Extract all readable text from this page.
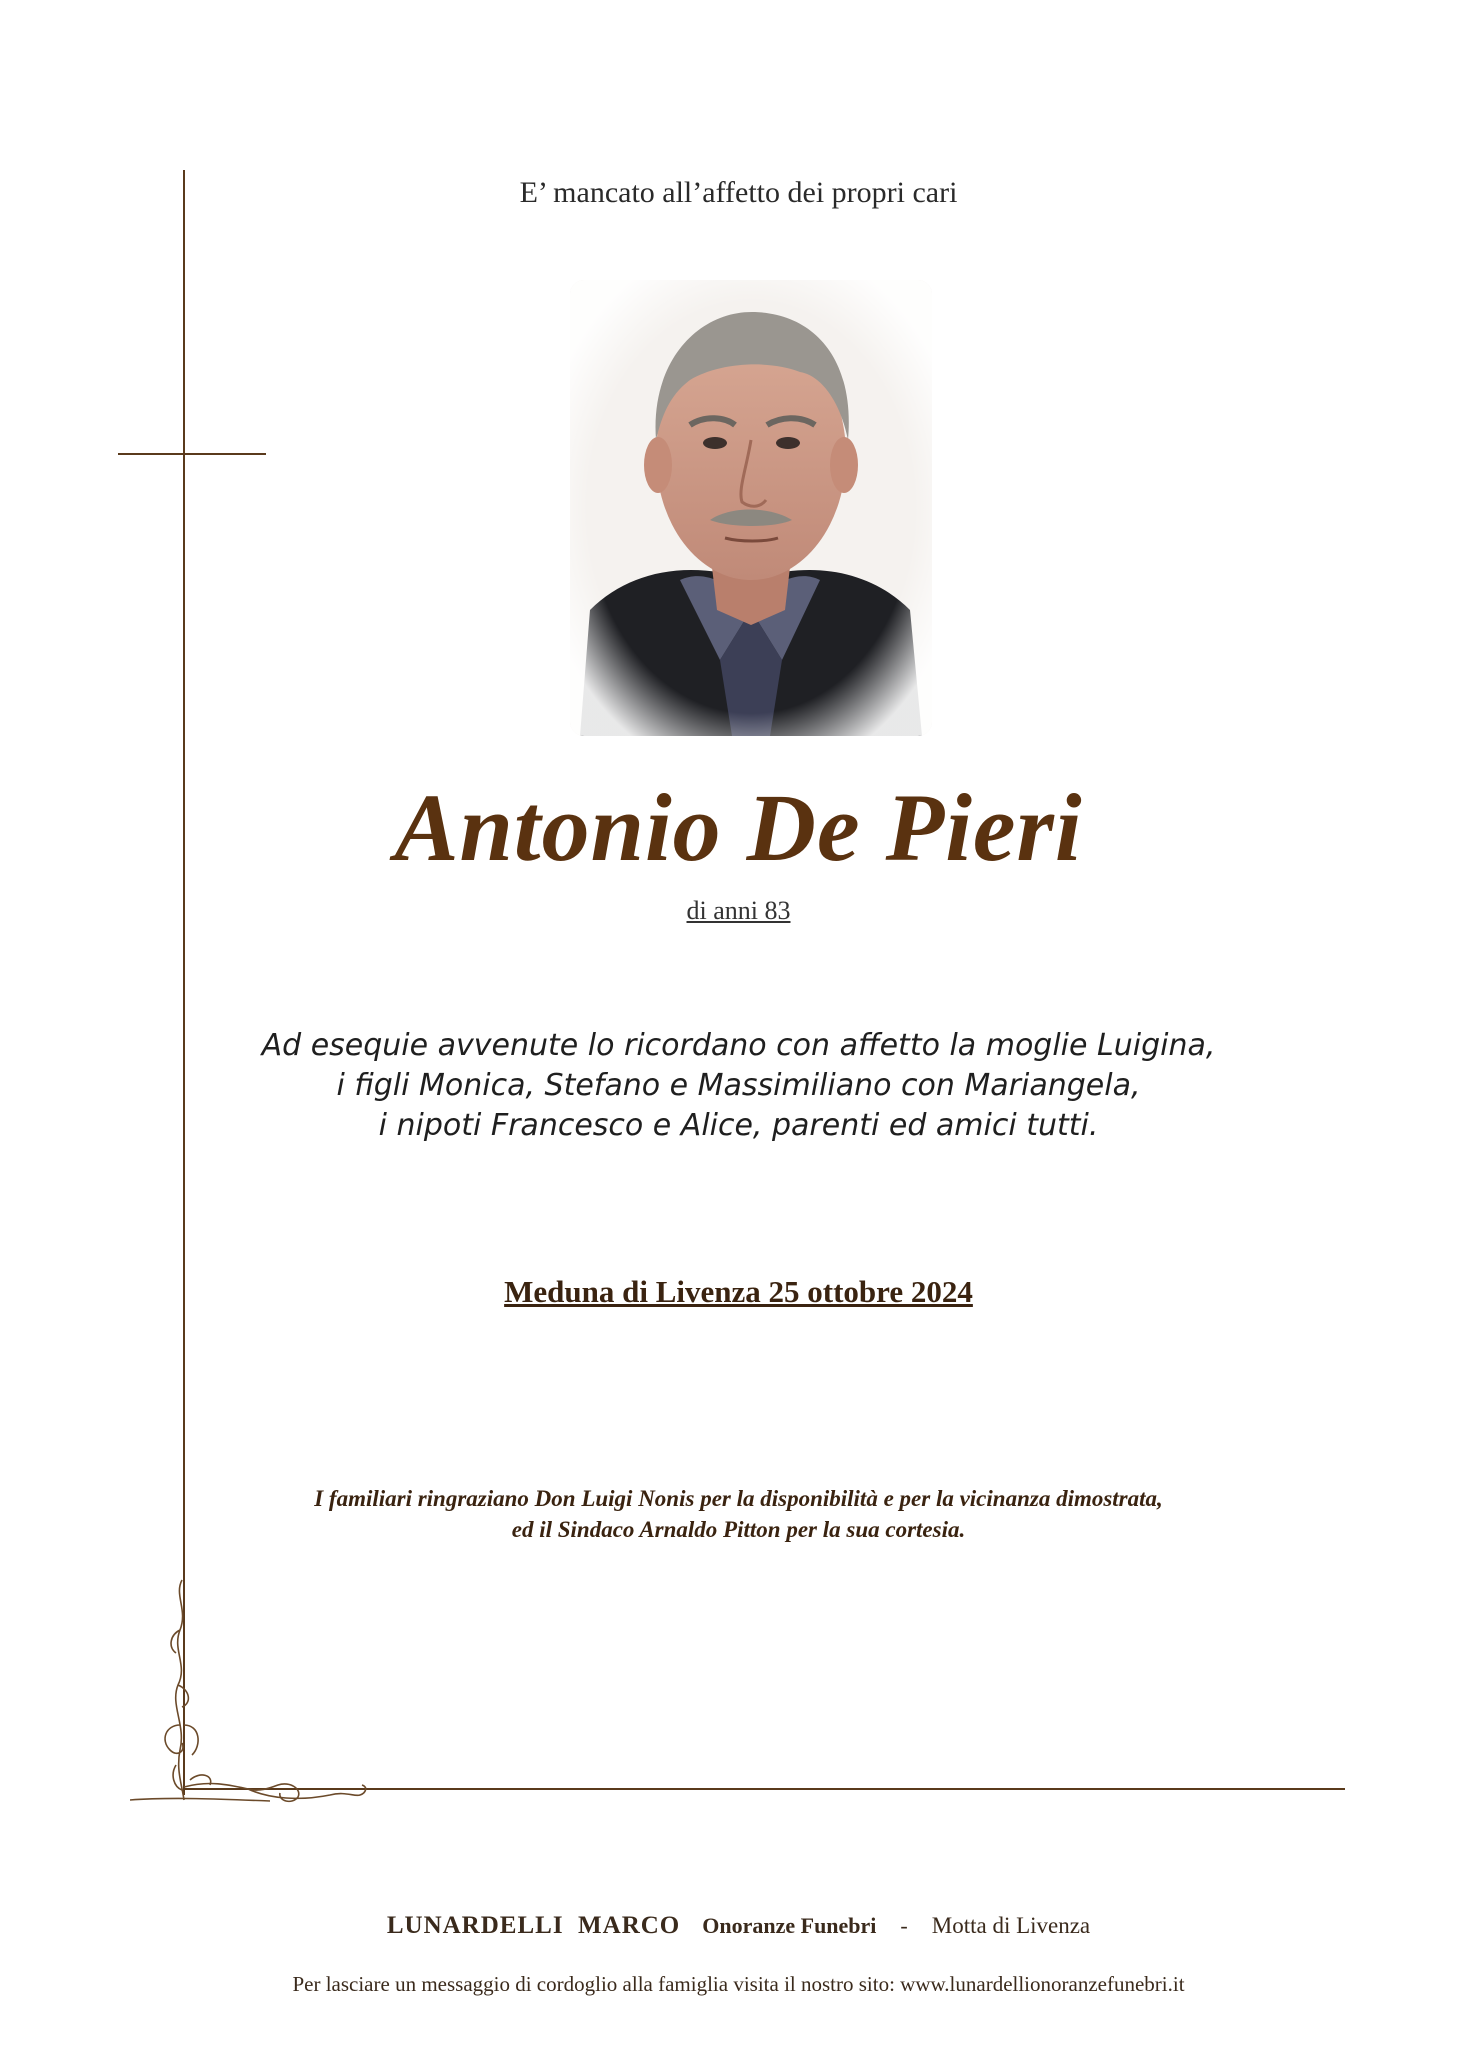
E’ mancato all’affetto dei propri cari
Antonio De Pieri
di anni 83
Ad esequie avvenute lo ricordano con affetto la moglie Luigina,
i figli Monica, Stefano e Massimiliano con Mariangela,
i nipoti Francesco e Alice, parenti ed amici tutti.
Meduna di Livenza 25 ottobre 2024
I familiari ringraziano Don Luigi Nonis per la disponibilità e per la vicinanza dimostrata,
ed il Sindaco Arnaldo Pitton per la sua cortesia.
LUNARDELLI  MARCO Onoranze Funebri - Motta di Livenza
Per lasciare un messaggio di cordoglio alla famiglia visita il nostro sito: www.lunardellionoranzefunebri.it
